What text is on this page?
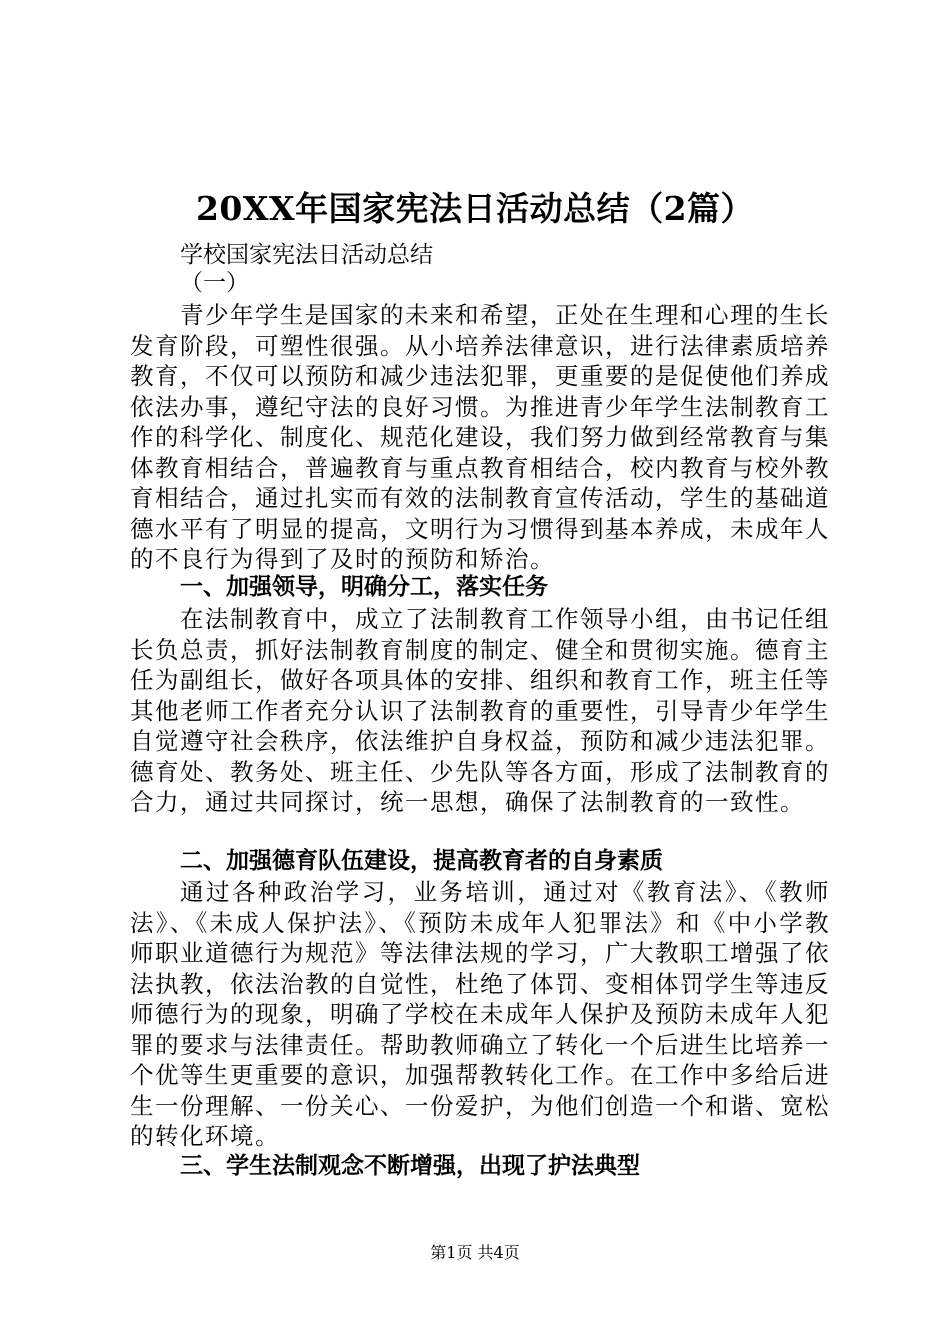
20XX年国家宪法日活动总结（2篇）
学校国家宪法日活动总结
（一）
青少年学生是国家的未来和希望，正处在生理和心理的生长发育阶段，可塑性很强。从小培养法律意识，进行法律素质培养教育，不仅可以预防和减少违法犯罪，更重要的是促使他们养成依法办事，遵纪守法的良好习惯。为推进青少年学生法制教育工作的科学化、制度化、规范化建设，我们努力做到经常教育与集体教育相结合，普遍教育与重点教育相结合，校内教育与校外教育相结合，通过扎实而有效的法制教育宣传活动，学生的基础道德水平有了明显的提高，文明行为习惯得到基本养成，未成年人的不良行为得到了及时的预防和矫治。
一、加强领导，明确分工，落实任务
在法制教育中，成立了法制教育工作领导小组，由书记任组长负总责，抓好法制教育制度的制定、健全和贯彻实施。德育主任为副组长，做好各项具体的安排、组织和教育工作，班主任等其他老师工作者充分认识了法制教育的重要性，引导青少年学生自觉遵守社会秩序，依法维护自身权益，预防和减少违法犯罪。德育处、教务处、班主任、少先队等各方面，形成了法制教育的合力，通过共同探讨，统一思想，确保了法制教育的一致性。
二、加强德育队伍建设，提高教育者的自身素质
通过各种政治学习，业务培训，通过对《教育法》、《教师法》、《未成人保护法》、《预防未成年人犯罪法》和《中小学教师职业道德行为规范》等法律法规的学习，广大教职工增强了依法执教，依法治教的自觉性，杜绝了体罚、变相体罚学生等违反师德行为的现象，明确了学校在未成年人保护及预防未成年人犯罪的要求与法律责任。帮助教师确立了转化一个后进生比培养一个优等生更重要的意识，加强帮教转化工作。在工作中多给后进生一份理解、一份关心、一份爱护，为他们创造一个和谐、宽松的转化环境。
三、学生法制观念不断增强，出现了护法典型
第1页 共4页
